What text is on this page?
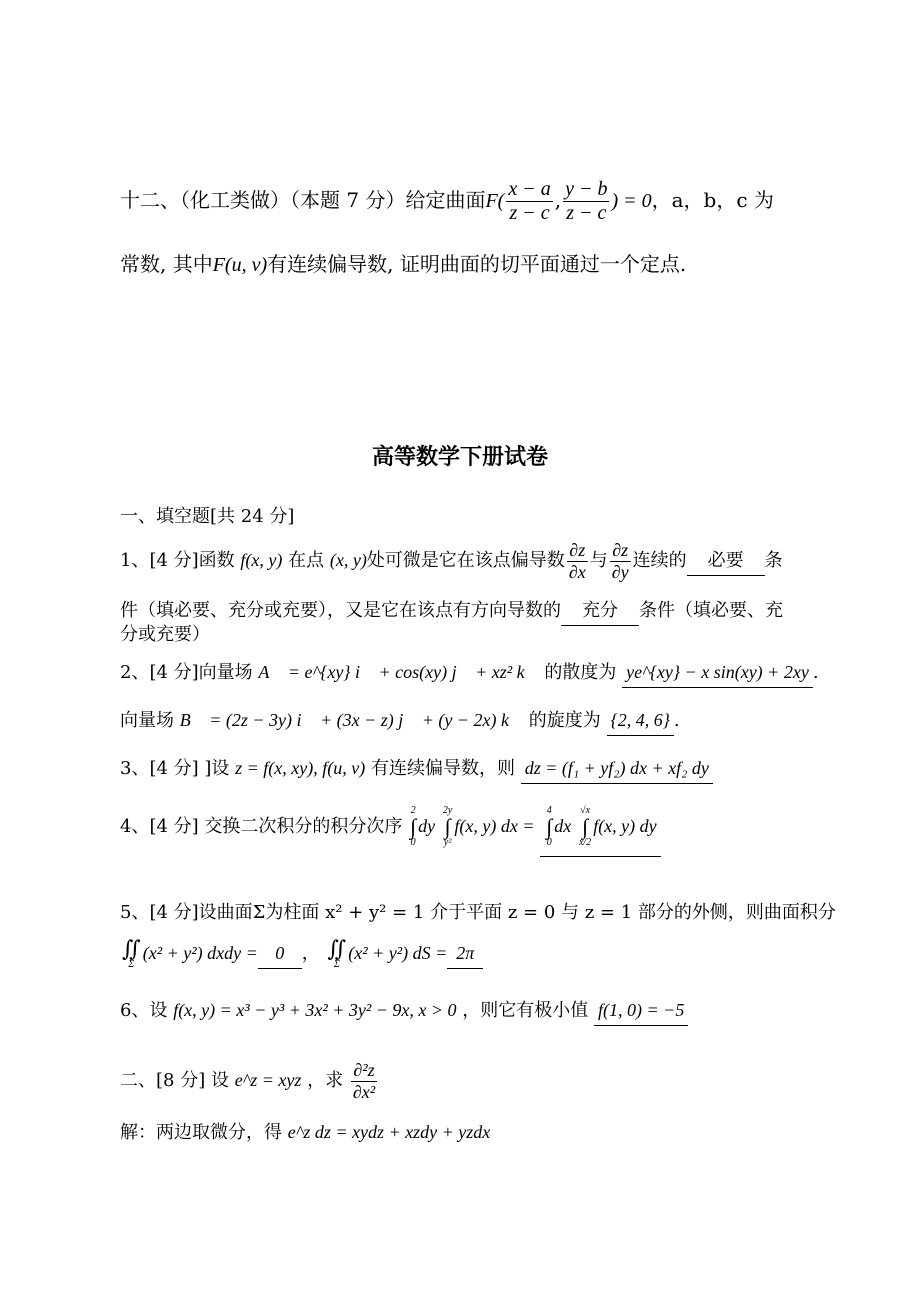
十二、（化工类做）（本题 7 分）给定曲面$F( \frac{x - a}{z - c}$ , $\frac{y - b}{z - c}$ ) = 0，a，b，c 为
常数, 其中F(u, v)有连续偏导数, 证明曲面的切平面通过一个定点.
高等数学下册试卷
一、填空题[共 24 分]
1、[4 分]函数 f(x, y) 在点 (x, y)处可微是它在该点偏导数 $\frac{\partial z}{\partial x}$ 与 $\frac{\partial z}{\partial y}$ 连续的 必要 条
件（填必要、充分或充要），又是它在该点有方向导数的 充分 条件（填必要、充
分或充要）
2、[4 分]向量场 A⃗ = e^{xy} i⃗ + cos(xy) j⃗ + xz² k⃗ 的散度为 ye^{xy} − x sin(xy) + 2xy .
向量场 B⃗ = (2z − 3y) i⃗ + (3x − z) j⃗ + (y − 2x) k⃗ 的旋度为 {2, 4, 6} .
3、[4 分] ]设 z = f(x, xy), f(u, v) 有连续偏导数，则 dz = (f₁ + yf₂) dx + xf₂ dy
4、[4 分] 交换二次积分的积分次序 2
∫
0dy 2y
∫
y²f(x, y) dx = 4
∫
0dx √x
∫
x/2f(x, y) dy
5、[4 分]设曲面Σ为柱面 x² + y² = 1 介于平面 z = 0 与 z = 1 部分的外侧，则曲面积分
∬
Σ(x² + y²) dxdy = 0 ， ∬
Σ(x² + y²) dS = 2π
6、设 f(x, y) = x³ − y³ + 3x² + 3y² − 9x, x > 0 ，则它有极小值 f(1, 0) = −5
二、[8 分] 设 e^z = xyz ，求 $\frac{\text{∂²z}}{\text{∂x²}}$
解：两边取微分，得 e^z dz = xydz + xzdy + yzdx
